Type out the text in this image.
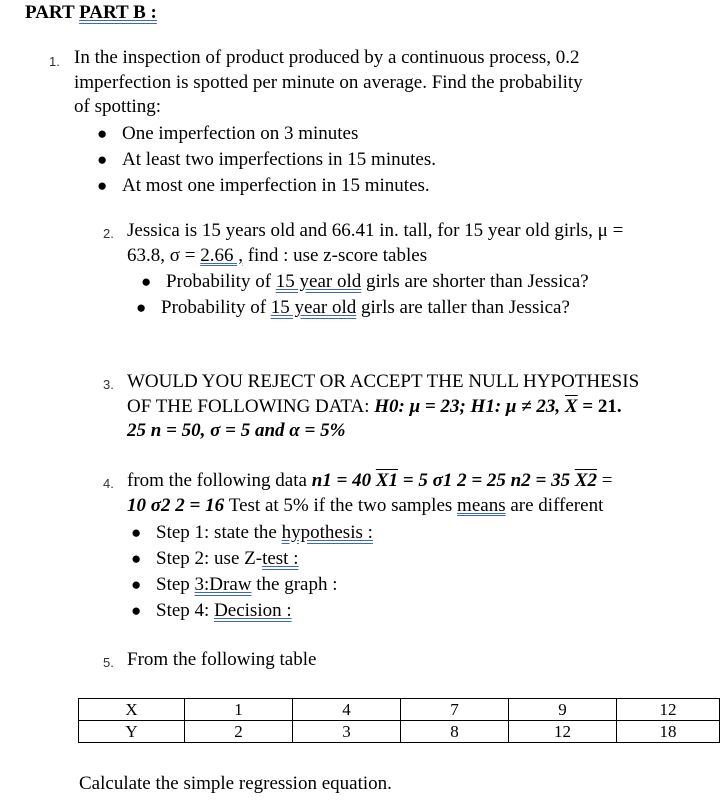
PART PART B :
1. In the inspection of product produced by a continuous process, 0.2

imperfection is spotted per minute on average. Find the probability

of spotting:

● One imperfection on 3 minutes
● At least two imperfections in 15 minutes.
● At most one imperfection in 15 minutes.
2. Jessica is 15 years old and 66.41 in. tall, for 15 year old girls, μ =

63.8, σ = 2.66 , find : use z-score tables

● Probability of 15 year old girls are shorter than Jessica?
● Probability of 15 year old girls are taller than Jessica?
3. WOULD YOU REJECT OR ACCEPT THE NULL HYPOTHESIS

OF THE FOLLOWING DATA: H0: μ = 23; H1: μ ≠ 23, $\overline{X} = 21$.

25 n = 50, σ = 5 and α = 5%

4. from the following data n1 = 40 X1 = 5 σ1 2 = 25 n2 = 35 X2 =

10 σ2 2 = 16 Test at 5% if the two samples means are different

● Step 1: state the hypothesis :
● Step 2: use Z-test :
● Step 3:Draw the graph :
● Step 4: Decision :
5. From the following table

X	1	4	7	9	12
Y	2	3	8	12	18

Calculate the simple regression equation.
